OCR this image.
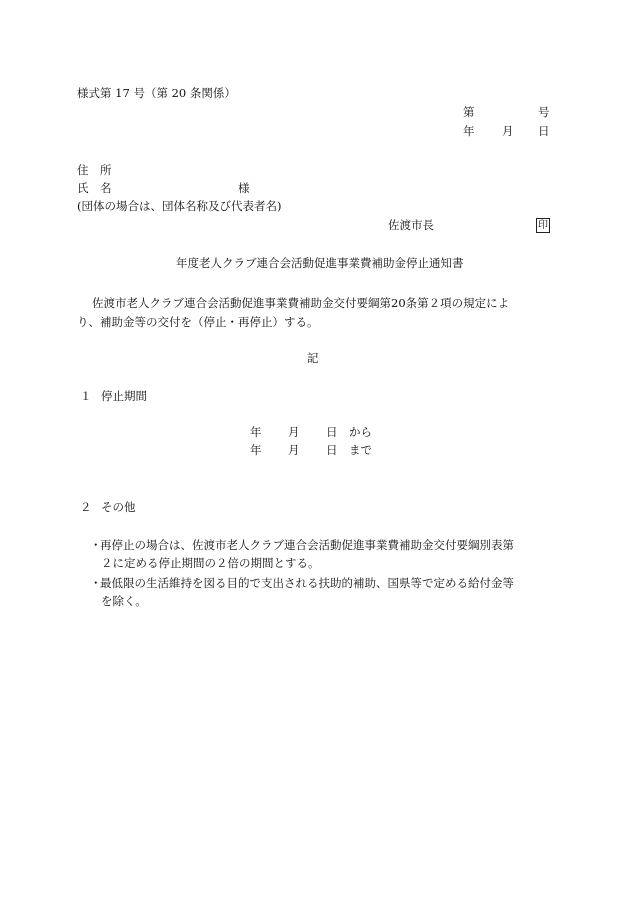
様式第 17 号（第 20 条関係）
第	号
年 月 日
住　所
氏　名	様
(団体の場合は、団体名称及び代表者名)
佐渡市長	印
年度老人クラブ連合会活動促進事業費補助金停止通知書
佐渡市老人クラブ連合会活動促進事業費補助金交付要綱第20条第２項の規定によ
り、補助金等の交付を（停止・再停止）する。
記
１ 停止期間
年 月 日 から
年 月 日 まで
２ その他
・
再停止の場合は、佐渡市老人クラブ連合会活動促進事業費補助金交付要綱別表第
２に定める停止期間の２倍の期間とする。
・
最低限の生活維持を図る目的で支出される扶助的補助、国県等で定める給付金等
を除く。
